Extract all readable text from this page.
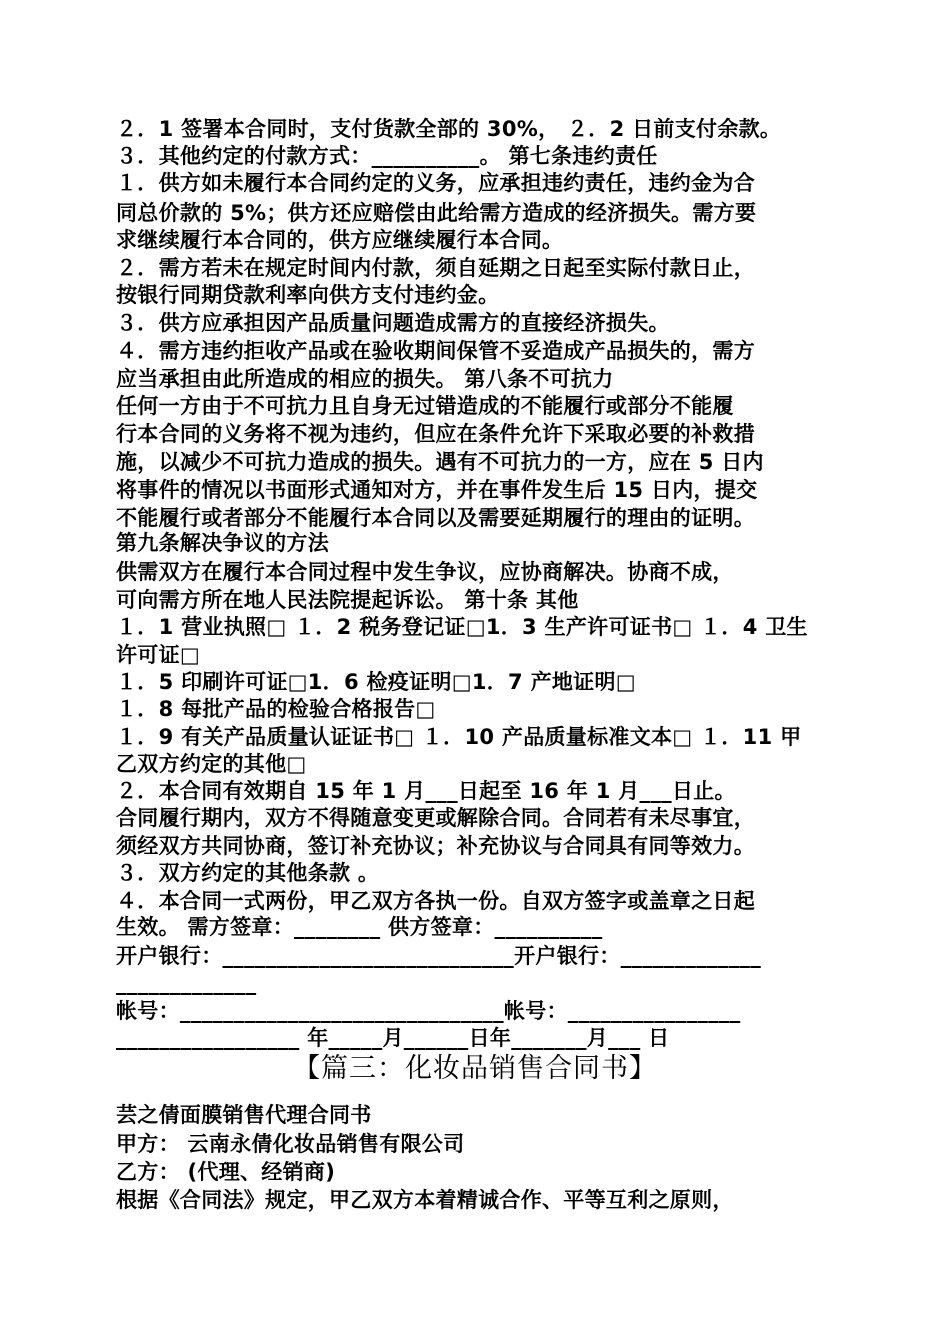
２．1 签署本合同时，支付货款全部的 30%， ２．2 日前支付余款。
３．其他约定的付款方式：__________。 第七条违约责任
１．供方如未履行本合同约定的义务，应承担违约责任，违约金为合
同总价款的 5%；供方还应赔偿由此给需方造成的经济损失。需方要
求继续履行本合同的，供方应继续履行本合同。
２．需方若未在规定时间内付款，须自延期之日起至实际付款日止，
按银行同期贷款利率向供方支付违约金。
３．供方应承担因产品质量问题造成需方的直接经济损失。
４．需方违约拒收产品或在验收期间保管不妥造成产品损失的，需方
应当承担由此所造成的相应的损失。 第八条不可抗力
任何一方由于不可抗力且自身无过错造成的不能履行或部分不能履
行本合同的义务将不视为违约，但应在条件允许下采取必要的补救措
施，以减少不可抗力造成的损失。遇有不可抗力的一方，应在 5 日内
将事件的情况以书面形式通知对方，并在事件发生后 15 日内，提交
不能履行或者部分不能履行本合同以及需要延期履行的理由的证明。
第九条解决争议的方法
供需双方在履行本合同过程中发生争议，应协商解决。协商不成，
可向需方所在地人民法院提起诉讼。 第十条 其他
１．1 营业执照□ １．2 税务登记证□1．3 生产许可证书□ １．4 卫生
许可证□
１．5 印刷许可证□1．6 检疫证明□1．7 产地证明□
１．8 每批产品的检验合格报告□
１．9 有关产品质量认证证书□ １．10 产品质量标准文本□ １．11 甲
乙双方约定的其他□
２．本合同有效期自 15 年 1 月___日起至 16 年 1 月___日止。
合同履行期内，双方不得随意变更或解除合同。合同若有未尽事宜，
须经双方共同协商，签订补充协议；补充协议与合同具有同等效力。
３．双方约定的其他条款 。
４．本合同一式两份，甲乙双方各执一份。自双方签字或盖章之日起
生效。 需方签章：________ 供方签章：__________
开户银行：___________________________开户银行：_____________
_____________
帐号：______________________________帐号：________________
_________________ 年_____月______日年_______月___ 日
【篇三：化妆品销售合同书】
芸之倩面膜销售代理合同书
甲方： 云南永倩化妆品销售有限公司
乙方： (代理、经销商)
根据《合同法》规定，甲乙双方本着精诚合作、平等互利之原则，
